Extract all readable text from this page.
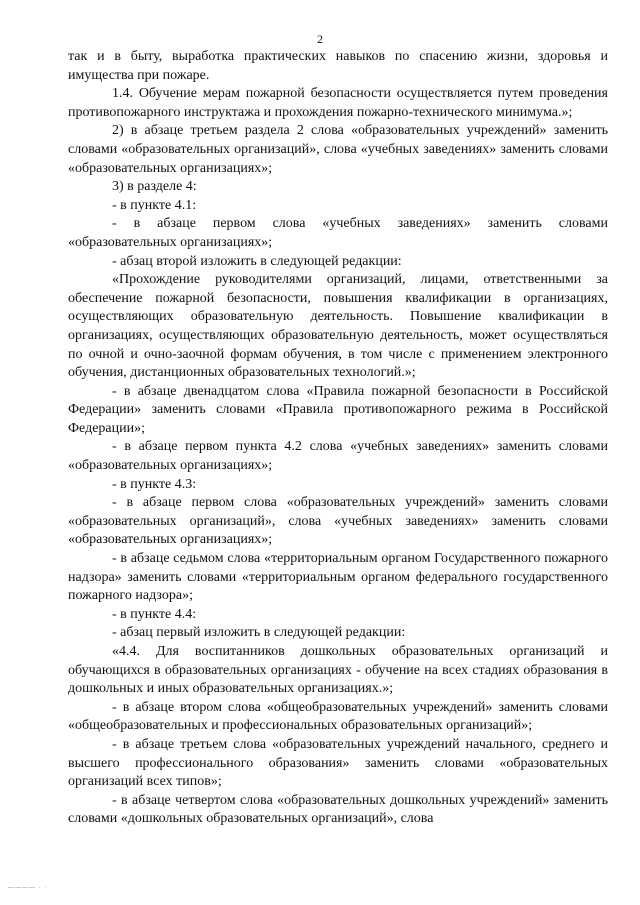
2

так и в быту, выработка практических навыков по спасению жизни, здоровья и имущества при пожаре.

1.4. Обучение мерам пожарной безопасности осуществляется путем проведения противопожарного инструктажа и прохождения пожарно-технического минимума.»;

2) в абзаце третьем раздела 2 слова «образовательных учреждений» заменить словами «образовательных организаций», слова «учебных заведениях» заменить словами «образовательных организациях»;

3) в разделе 4:

- в пункте 4.1:

- в абзаце первом слова «учебных заведениях» заменить словами «образовательных организациях»;

- абзац второй изложить в следующей редакции:

«Прохождение руководителями организаций, лицами, ответственными за обеспечение пожарной безопасности, повышения квалификации в организациях, осуществляющих образовательную деятельность. Повышение квалификации в организациях, осуществляющих образовательную деятельность, может осуществляться по очной и очно-заочной формам обучения, в том числе с применением электронного обучения, дистанционных образовательных технологий.»;

- в абзаце двенадцатом слова «Правила пожарной безопасности в Российской Федерации» заменить словами «Правила противопожарного режима в Российской Федерации»;

- в абзаце первом пункта 4.2 слова «учебных заведениях» заменить словами «образовательных организациях»;

- в пункте 4.3:

- в абзаце первом слова «образовательных учреждений» заменить словами «образовательных организаций», слова «учебных заведениях» заменить словами «образовательных организациях»;

- в абзаце седьмом слова «территориальным органом Государственного пожарного надзора» заменить словами «территориальным органом федерального государственного пожарного надзора»;

- в пункте 4.4:

- абзац первый изложить в следующей редакции:

«4.4. Для воспитанников дошкольных образовательных организаций и обучающихся в образовательных организациях - обучение на всех стадиях образования в дошкольных и иных образовательных организациях.»;

- в абзаце втором слова «общеобразовательных учреждений» заменить словами «общеобразовательных и профессиональных образовательных организаций»;

- в абзаце третьем слова «образовательных учреждений начального, среднего и высшего профессионального образования» заменить словами «образовательных организаций всех типов»;

- в абзаце четвертом слова «образовательных дошкольных учреждений» заменить словами «дошкольных образовательных организаций», слова

———— · ·
